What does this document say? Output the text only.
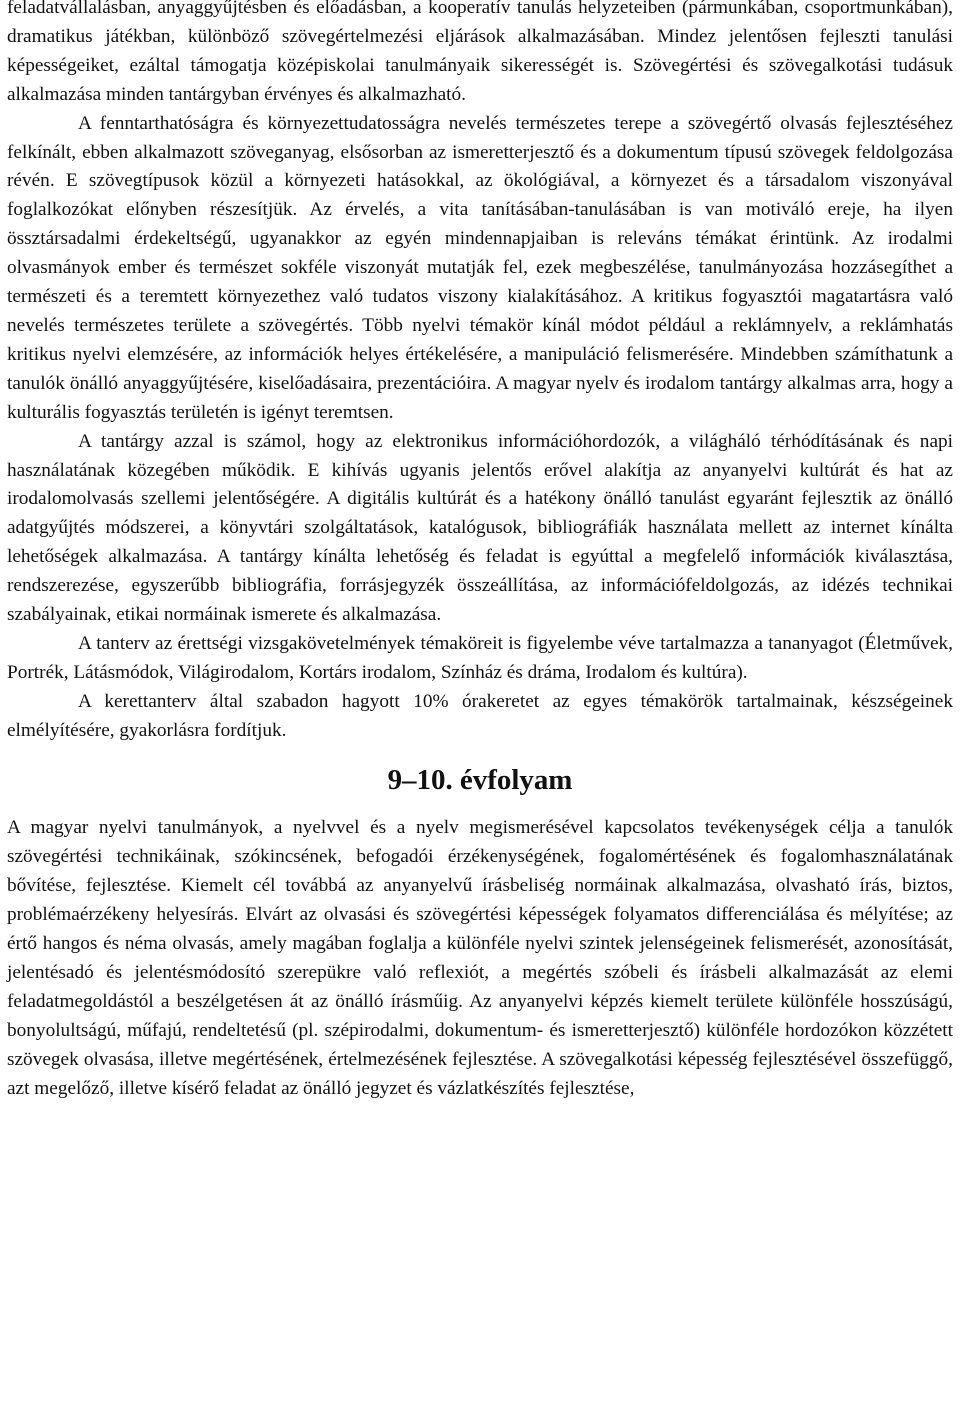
feladatvállalásban, anyaggyűjtésben és előadásban, a kooperatív tanulás helyzeteiben (pármunkában, csoportmunkában), dramatikus játékban, különböző szövegértelmezési eljárások alkalmazásában. Mindez jelentősen fejleszti tanulási képességeiket, ezáltal támogatja középiskolai tanulmányaik sikerességét is. Szövegértési és szövegalkotási tudásuk alkalmazása minden tantárgyban érvényes és alkalmazható.

A fenntarthatóságra és környezettudatosságra nevelés természetes terepe a szövegértő olvasás fejlesztéséhez felkínált, ebben alkalmazott szöveganyag, elsősorban az ismeretterjesztő és a dokumentum típusú szövegek feldolgozása révén. E szövegtípusok közül a környezeti hatásokkal, az ökológiával, a környezet és a társadalom viszonyával foglalkozókat előnyben részesítjük. Az érvelés, a vita tanításában-tanulásában is van motiváló ereje, ha ilyen össztársadalmi érdekeltségű, ugyanakkor az egyén mindennapjaiban is releváns témákat érintünk. Az irodalmi olvasmányok ember és természet sokféle viszonyát mutatják fel, ezek megbeszélése, tanulmányozása hozzásegíthet a természeti és a teremtett környezethez való tudatos viszony kialakításához. A kritikus fogyasztói magatartásra való nevelés természetes területe a szövegértés. Több nyelvi témakör kínál módot például a reklámnyelv, a reklámhatás kritikus nyelvi elemzésére, az információk helyes értékelésére, a manipuláció felismerésére. Mindebben számíthatunk a tanulók önálló anyaggyűjtésére, kiselőadásaira, prezentációira. A magyar nyelv és irodalom tantárgy alkalmas arra, hogy a kulturális fogyasztás területén is igényt teremtsen.

A tantárgy azzal is számol, hogy az elektronikus információhordozók, a világháló térhódításának és napi használatának közegében működik. E kihívás ugyanis jelentős erővel alakítja az anyanyelvi kultúrát és hat az irodalomolvasás szellemi jelentőségére. A digitális kultúrát és a hatékony önálló tanulást egyaránt fejlesztik az önálló adatgyűjtés módszerei, a könyvtári szolgáltatások, katalógusok, bibliográfiák használata mellett az internet kínálta lehetőségek alkalmazása. A tantárgy kínálta lehetőség és feladat is egyúttal a megfelelő információk kiválasztása, rendszerezése, egyszerűbb bibliográfia, forrásjegyzék összeállítása, az információfeldolgozás, az idézés technikai szabályainak, etikai normáinak ismerete és alkalmazása.

A tanterv az érettségi vizsgakövetelmények témaköreit is figyelembe véve tartalmazza a tananyagot (Életművek, Portrék, Látásmódok, Világirodalom, Kortárs irodalom, Színház és dráma, Irodalom és kultúra).

A kerettanterv által szabadon hagyott 10% órakeretet az egyes témakörök tartalmainak, készségeinek elmélyítésére, gyakorlásra fordítjuk.

9–10. évfolyam

A magyar nyelvi tanulmányok, a nyelvvel és a nyelv megismerésével kapcsolatos tevékenységek célja a tanulók szövegértési technikáinak, szókincsének, befogadói érzékenységének, fogalomértésének és fogalomhasználatának bővítése, fejlesztése. Kiemelt cél továbbá az anyanyelvű írásbeliség normáinak alkalmazása, olvasható írás, biztos, problémaérzékeny helyesírás. Elvárt az olvasási és szövegértési képességek folyamatos differenciálása és mélyítése; az értő hangos és néma olvasás, amely magában foglalja a különféle nyelvi szintek jelenségeinek felismerését, azonosítását, jelentésadó és jelentésmódosító szerepükre való reflexiót, a megértés szóbeli és írásbeli alkalmazását az elemi feladatmegoldástól a beszélgetésen át az önálló írásműig. Az anyanyelvi képzés kiemelt területe különféle hosszúságú, bonyolultságú, műfajú, rendeltetésű (pl. szépirodalmi, dokumentum- és ismeretterjesztő) különféle hordozókon közzétett szövegek olvasása, illetve megértésének, értelmezésének fejlesztése. A szövegalkotási képesség fejlesztésével összefüggő, azt megelőző, illetve kísérő feladat az önálló jegyzet és vázlatkészítés fejlesztése,
